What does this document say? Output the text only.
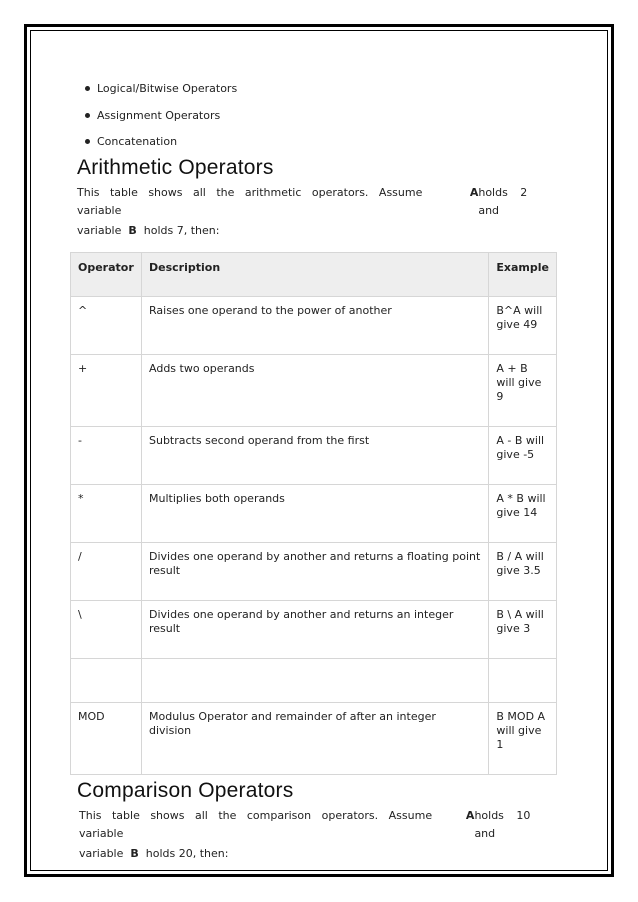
Logical/Bitwise Operators
Assignment Operators
Concatenation
Arithmetic Operators
This table shows all the arithmetic operators. Assume variable
A holds 2 and
variable B holds 7, then:
Operator	Description	Example
^	Raises one operand to the power of another	B^A will give 49
+	Adds two operands	A + B will give 9
-	Subtracts second operand from the first	A - B will give -5
*	Multiplies both operands	A * B will give 14
/	Divides one operand by another and returns a floating point result	B / A will give 3.5
\	Divides one operand by another and returns an integer result	B \ A will give 3

MOD	Modulus Operator and remainder of after an integer division	B MOD A will give 1
Comparison Operators
This table shows all the comparison operators. Assume variable
A holds 10 and
variable B holds 20, then:
